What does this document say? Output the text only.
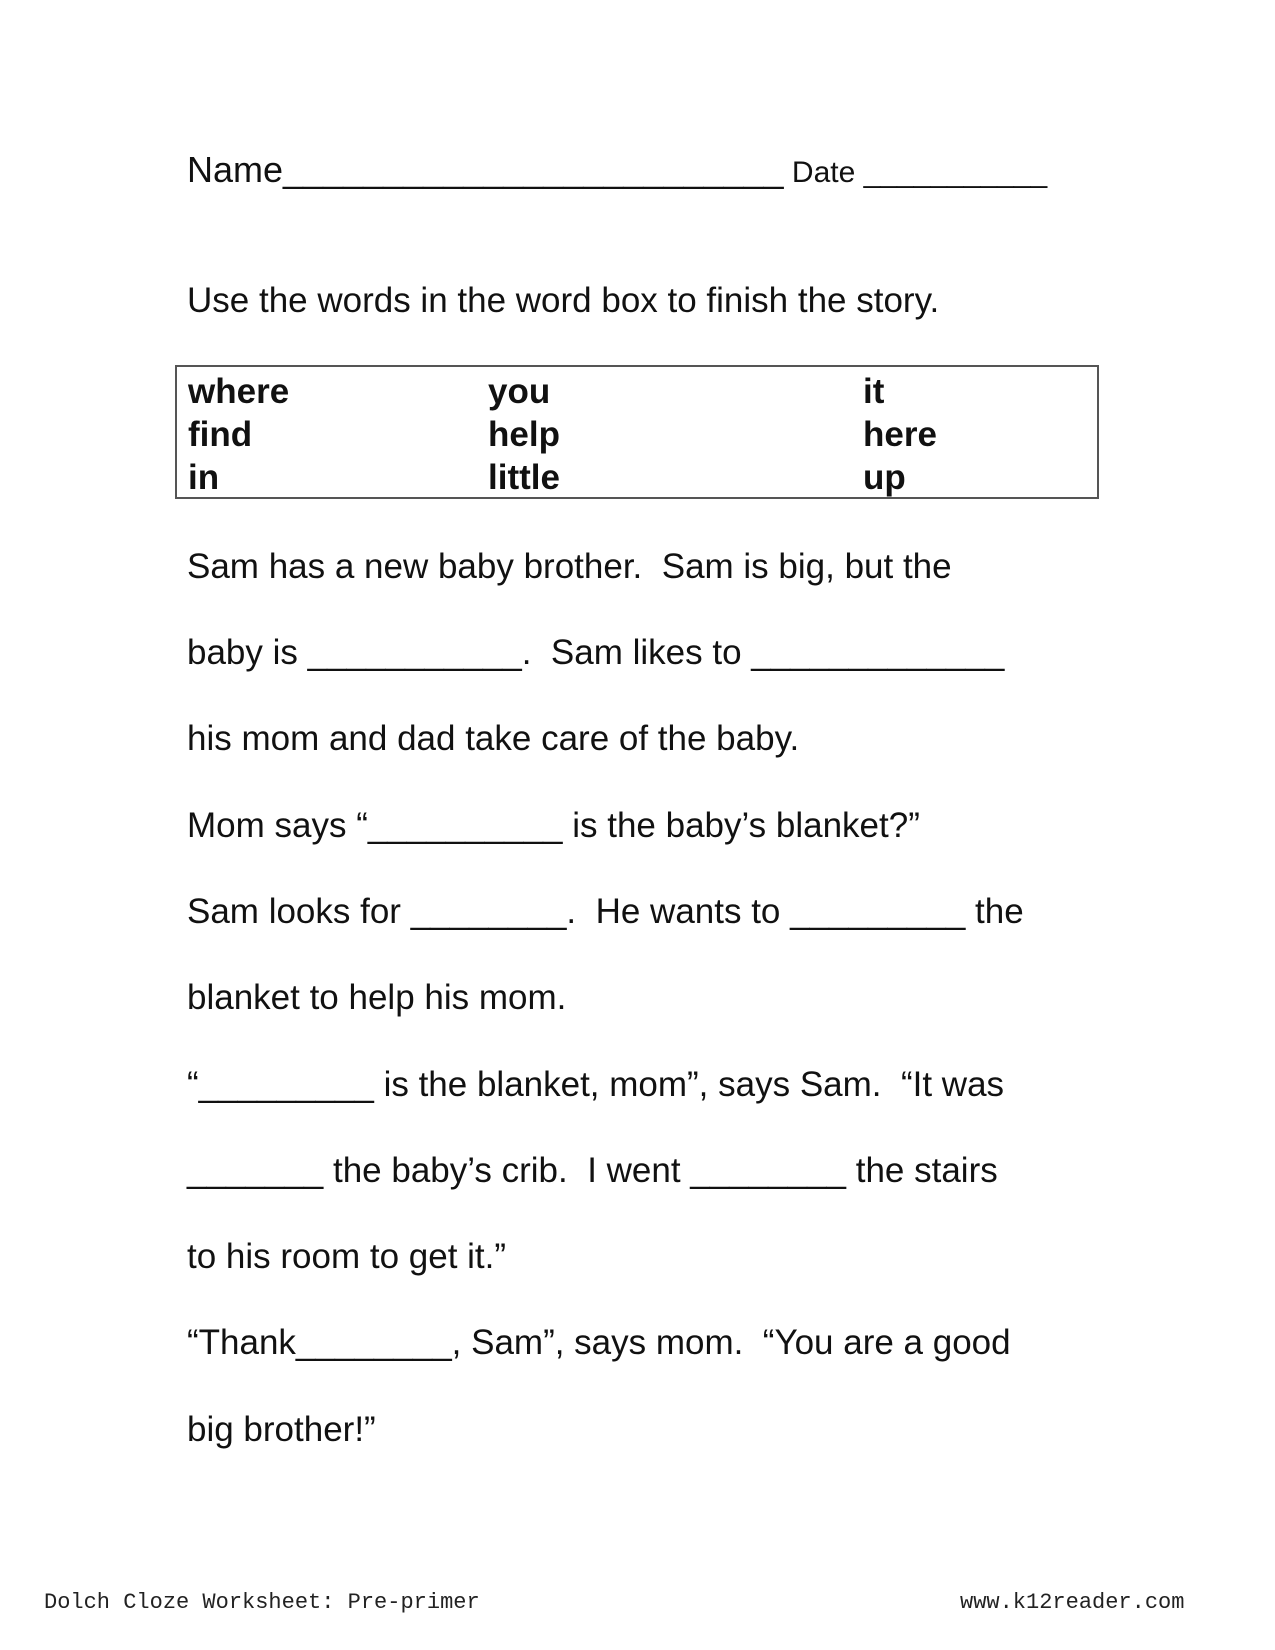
Name_________________________ Date ___________
Use the words in the word box to finish the story.
where	you	it
find	help	here
in	little	up
Sam has a new baby brother.  Sam is big, but the
baby is ___________.  Sam likes to _____________
his mom and dad take care of the baby.
Mom says “__________ is the baby’s blanket?”
Sam looks for ________.  He wants to _________ the
blanket to help his mom.
“_________ is the blanket, mom”, says Sam.  “It was
_______ the baby’s crib.  I went ________ the stairs
to his room to get it.”
“Thank________, Sam”, says mom.  “You are a good
big brother!”
Dolch Cloze Worksheet: Pre-primer	www.k12reader.com
